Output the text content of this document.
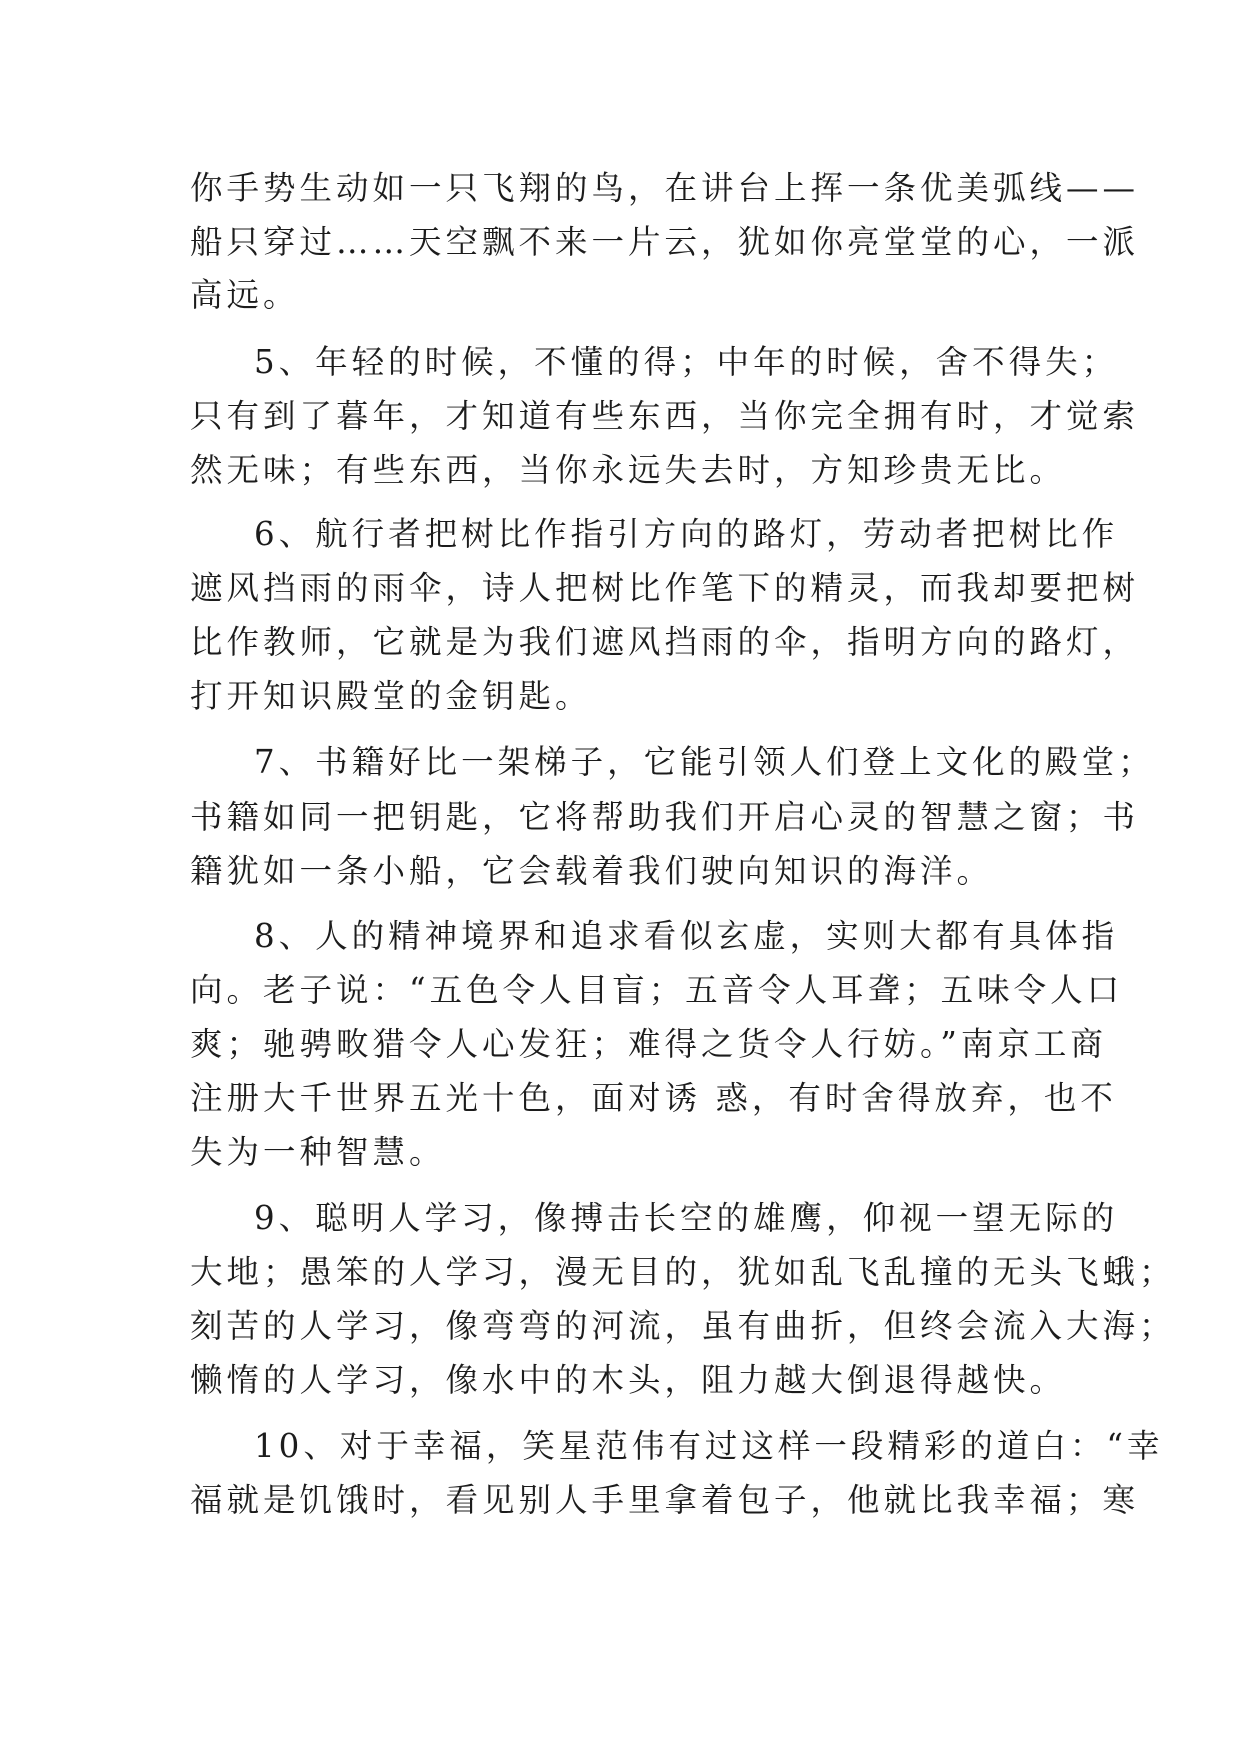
你手势生动如一只飞翔的鸟，在讲台上挥一条优美弧线——
船只穿过……天空飘不来一片云，犹如你亮堂堂的心，一派
高远。
5、年轻的时候，不懂的得；中年的时候，舍不得失；
只有到了暮年，才知道有些东西，当你完全拥有时，才觉索
然无味；有些东西，当你永远失去时，方知珍贵无比。
6、航行者把树比作指引方向的路灯，劳动者把树比作
遮风挡雨的雨伞，诗人把树比作笔下的精灵，而我却要把树
比作教师，它就是为我们遮风挡雨的伞，指明方向的路灯，
打开知识殿堂的金钥匙。
7、书籍好比一架梯子，它能引领人们登上文化的殿堂；
书籍如同一把钥匙，它将帮助我们开启心灵的智慧之窗；书
籍犹如一条小船，它会载着我们驶向知识的海洋。
8、人的精神境界和追求看似玄虚，实则大都有具体指
向。老子说：“五色令人目盲；五音令人耳聋；五味令人口
爽；驰骋畋猎令人心发狂；难得之货令人行妨。”南京工商
注册大千世界五光十色，面对诱 惑，有时舍得放弃，也不
失为一种智慧。
9、聪明人学习，像搏击长空的雄鹰，仰视一望无际的
大地；愚笨的人学习，漫无目的，犹如乱飞乱撞的无头飞蛾；
刻苦的人学习，像弯弯的河流，虽有曲折，但终会流入大海；
懒惰的人学习，像水中的木头，阻力越大倒退得越快。
10、对于幸福，笑星范伟有过这样一段精彩的道白：“幸
福就是饥饿时，看见别人手里拿着包子，他就比我幸福；寒
